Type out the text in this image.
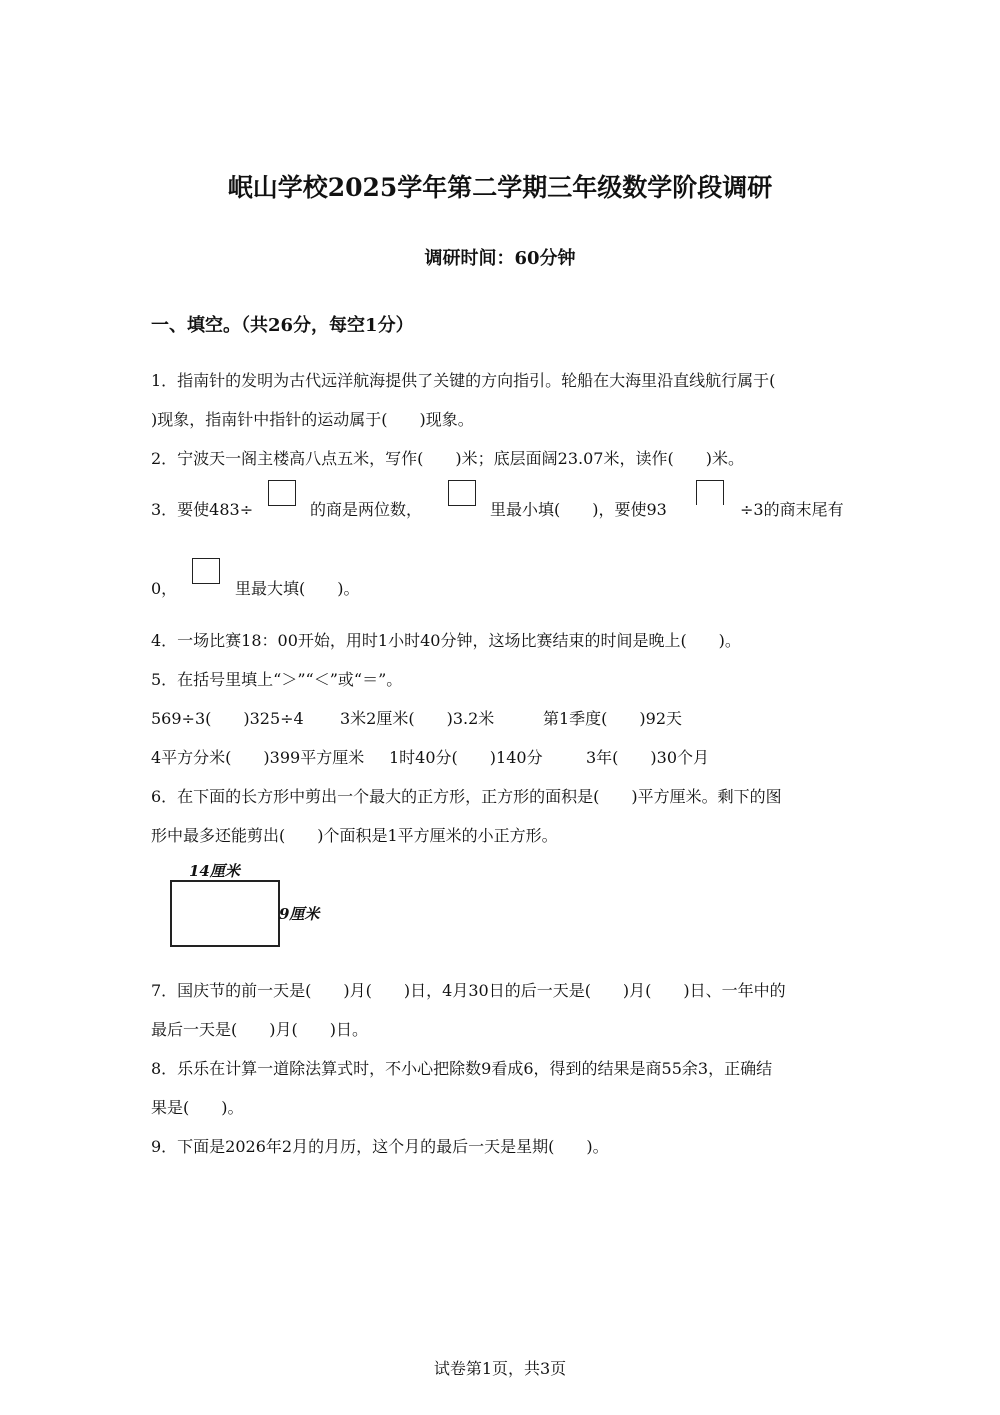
岷山学校2025学年第二学期三年级数学阶段调研
调研时间：60分钟
一、填空。（共26分，每空1分）
1．指南针的发明为古代远洋航海提供了关键的方向指引。轮船在大海里沿直线航行属于(
)现象，指南针中指针的运动属于(　　)现象。
2．宁波天一阁主楼高八点五米，写作(　　)米；底层面阔23.07米，读作(　　)米。
3．要使483÷	的商是两位数，	里最小填(　　)，要使93	÷3的商末尾有
0，	里最大填(　　)。
4．一场比赛18：00开始，用时1小时40分钟，这场比赛结束的时间是晚上(　　)。
5．在括号里填上“＞”“＜”或“＝”。
569÷3(　　)325÷4 3米2厘米(　　)3.2米	第1季度(　　)92天
4平方分米(　　)399平方厘米 1时40分(　　)140分	3年(　　)30个月
6．在下面的长方形中剪出一个最大的正方形，正方形的面积是(　　)平方厘米。剩下的图
形中最多还能剪出(　　)个面积是1平方厘米的小正方形。
14厘米
9厘米
7．国庆节的前一天是(　　)月(　　)日，4月30日的后一天是(　　)月(　　)日、一年中的
最后一天是(　　)月(　　)日。
8．乐乐在计算一道除法算式时，不小心把除数9看成6，得到的结果是商55余3，正确结
果是(　　)。
9．下面是2026年2月的月历，这个月的最后一天是星期(　　)。
试卷第1页，共3页
